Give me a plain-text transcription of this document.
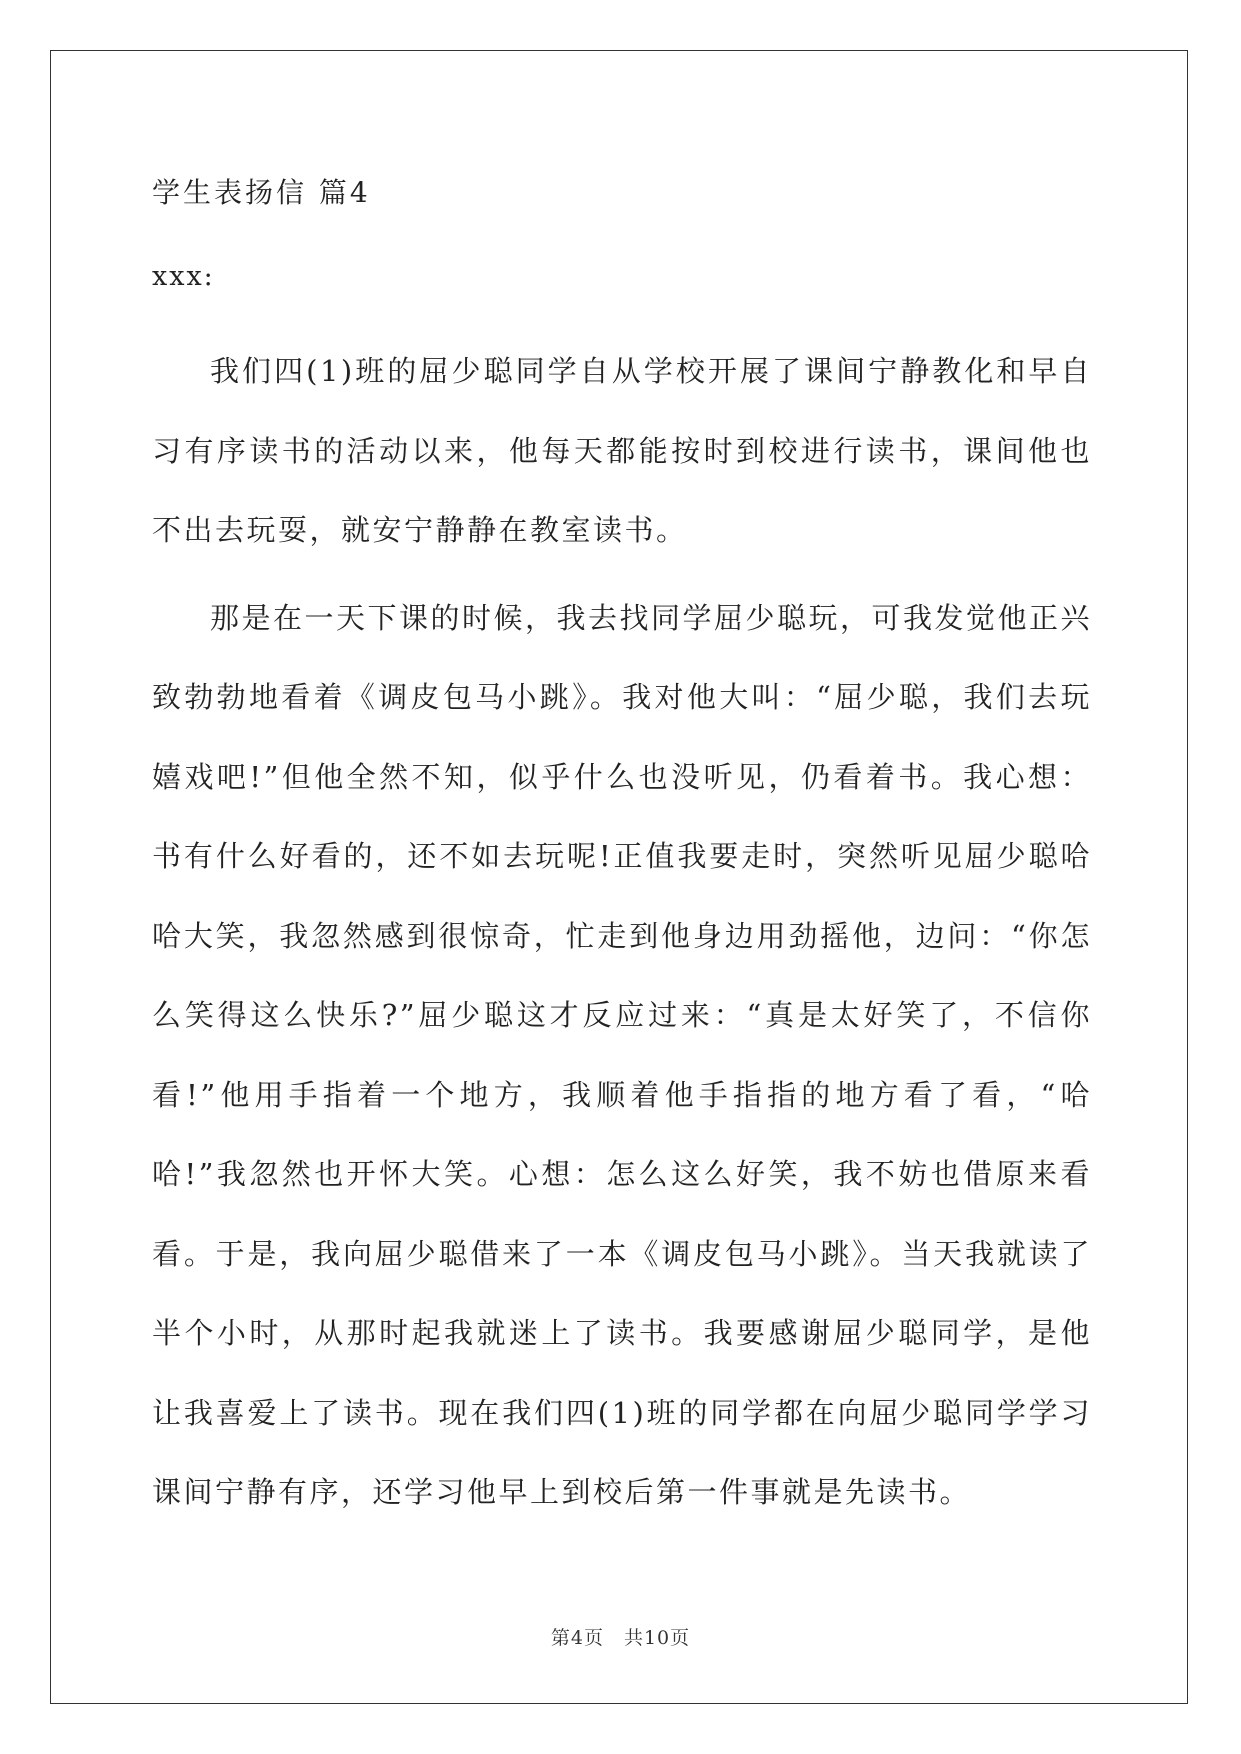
学生表扬信 篇4
xxx:

我们四(1)班的屈少聪同学自从学校开展了课间宁静教化和早自习有序读书的活动以来，他每天都能按时到校进行读书，课间他也不出去玩耍，就安宁静静在教室读书。

那是在一天下课的时候，我去找同学屈少聪玩，可我发觉他正兴致勃勃地看着《调皮包马小跳》。我对他大叫：“屈少聪，我们去玩嬉戏吧!”但他全然不知，似乎什么也没听见，仍看着书。我心想：书有什么好看的，还不如去玩呢!正值我要走时，突然听见屈少聪哈哈大笑，我忽然感到很惊奇，忙走到他身边用劲摇他，边问：“你怎么笑得这么快乐?”屈少聪这才反应过来：“真是太好笑了，不信你看!”他用手指着一个地方，我顺着他手指指的地方看了看，“哈哈!”我忽然也开怀大笑。心想：怎么这么好笑，我不妨也借原来看看。于是，我向屈少聪借来了一本《调皮包马小跳》。当天我就读了半个小时，从那时起我就迷上了读书。我要感谢屈少聪同学，是他让我喜爱上了读书。现在我们四(1)班的同学都在向屈少聪同学学习课间宁静有序，还学习他早上到校后第一件事就是先读书。

第4页 共10页
